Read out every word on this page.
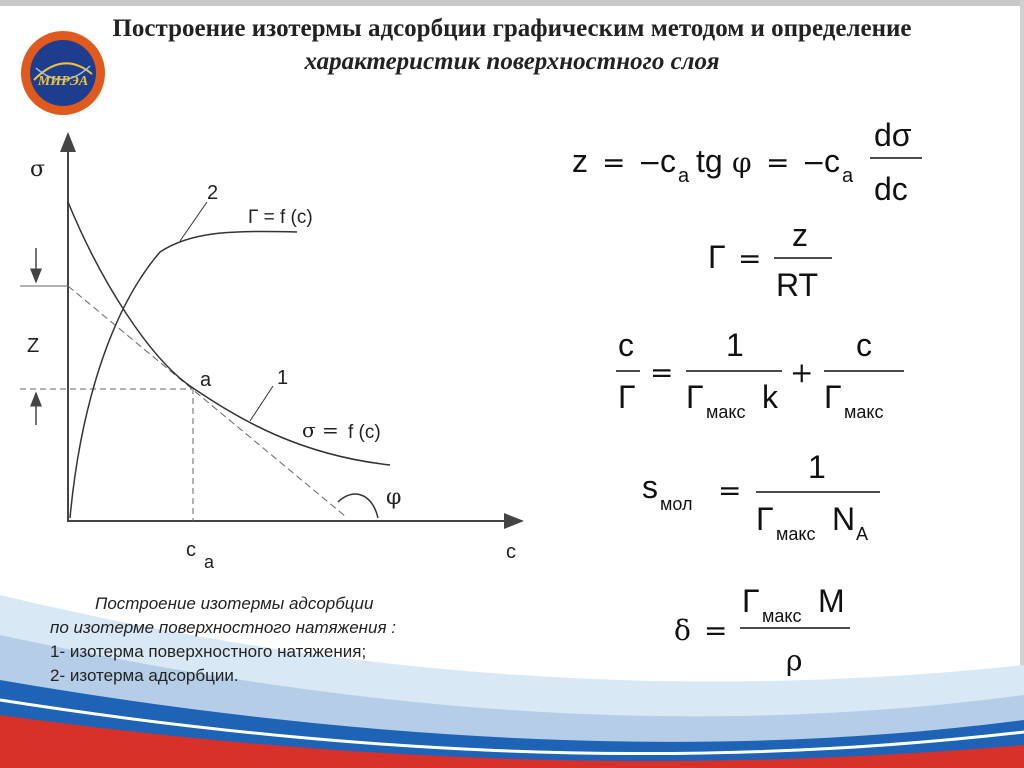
МИРЭА
Построение изотермы адсорбции графическим методом и определение
характеристик поверхностного слоя
σ
c
Z
a
c
a
1
2
Г = f (c)
σ = f (c)
φ
Построение изотермы адсорбции
по изотерме поверхностного натяжения :
1- изотерма поверхностного натяжения;
2- изотерма адсорбции.
z = −
c a tg φ = −
c a
dσ
dc
Г =
z
RT
c
Г
=
1
Г макс k
+
c
Г макс
s мол =
1
Г макс N A
δ =
Г макс M
ρ
